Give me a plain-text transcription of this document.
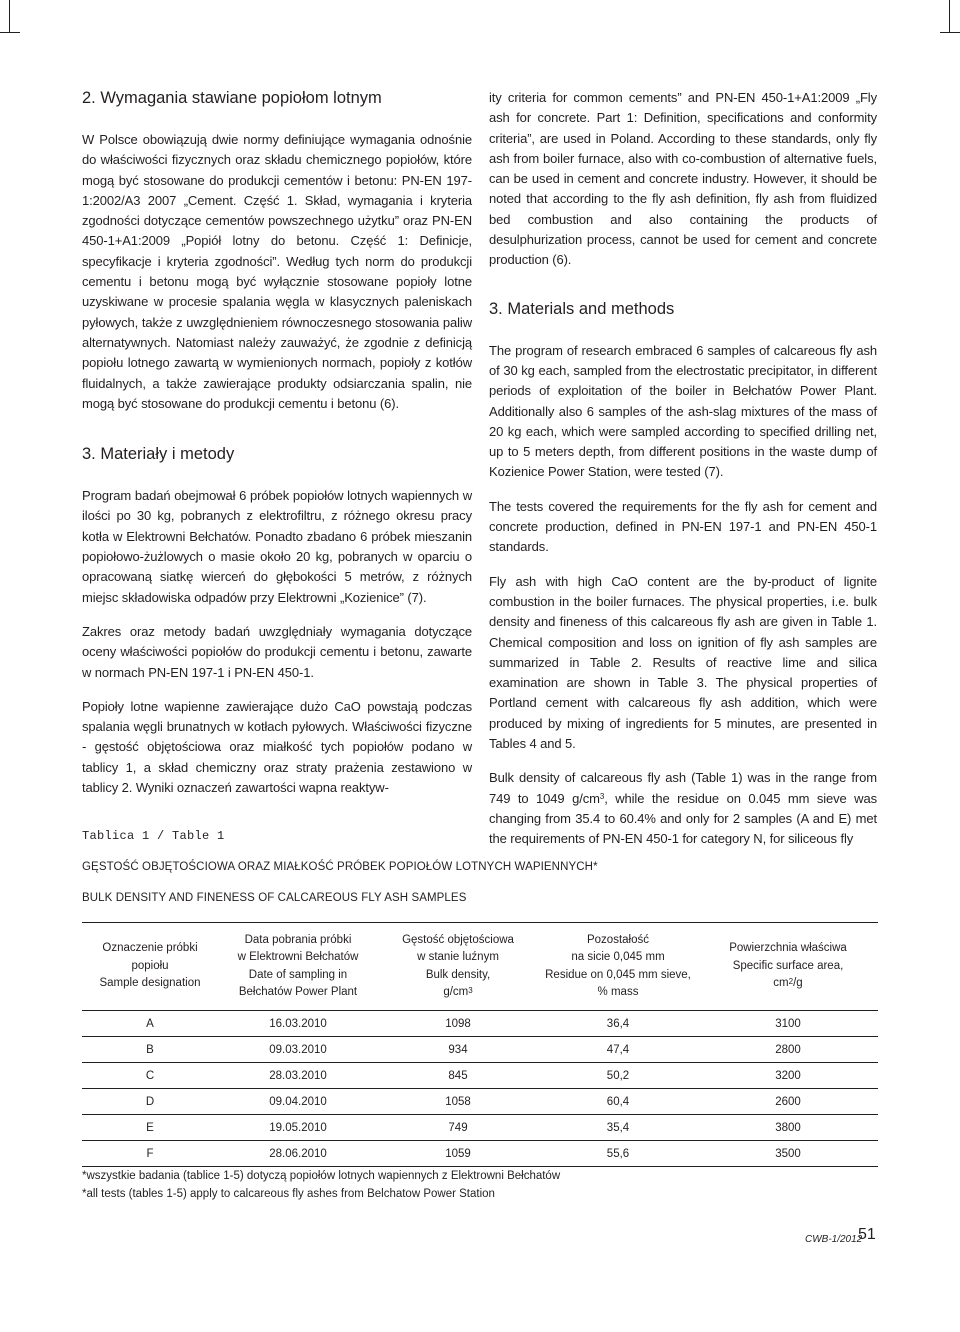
2. Wymagania stawiane popiołom lotnym

W Polsce obowiązują dwie normy definiujące wymagania odnośnie do właściwości fizycznych oraz składu chemicznego popiołów, które mogą być stosowane do produkcji cementów i betonu: PN-EN 197-1:2002/A3 2007 „Cement. Część 1. Skład, wymagania i kryteria zgodności dotyczące cementów powszechnego użytku” oraz PN-EN 450-1+A1:2009 „Popiół lotny do betonu. Część 1: Definicje, specyfikacje i kryteria zgodności”. Według tych norm do produkcji cementu i betonu mogą być wyłącznie stosowane popioły lotne uzyskiwane w procesie spalania węgla w klasycznych paleniskach pyłowych, także z uwzględnieniem równoczesnego stosowania paliw alternatywnych. Natomiast należy zauważyć, że zgodnie z definicją popiołu lotnego zawartą w wymienionych normach, popioły z kotłów fluidalnych, a także zawierające produkty odsiarczania spalin, nie mogą być stosowane do produkcji cementu i betonu (6).

3. Materiały i metody

Program badań obejmował 6 próbek popiołów lotnych wapiennych w ilości po 30 kg, pobranych z elektrofiltru, z różnego okresu pracy kotła w Elektrowni Bełchatów. Ponadto zbadano 6 próbek mieszanin popiołowo-żużlowych o masie około 20 kg, pobranych w oparciu o opracowaną siatkę wierceń do głębokości 5 metrów, z różnych miejsc składowiska odpadów przy Elektrowni „Kozienice” (7).

Zakres oraz metody badań uwzględniały wymagania dotyczące oceny właściwości popiołów do produkcji cementu i betonu, zawarte w normach PN-EN 197-1 i PN-EN 450-1.

Popioły lotne wapienne zawierające dużo CaO powstają podczas spalania węgli brunatnych w kotłach pyłowych. Właściwości fizyczne - gęstość objętościowa oraz miałkość tych popiołów podano w tablicy 1, a skład chemiczny oraz straty prażenia zestawiono w tablicy 2. Wyniki oznaczeń zawartości wapna reaktyw-

ity criteria for common cements” and PN-EN 450-1+A1:2009 „Fly ash for concrete. Part 1: Definition, specifications and conformity criteria”, are used in Poland. According to these standards, only fly ash from boiler furnace, also with co-combustion of alternative fuels, can be used in cement and concrete industry. However, it should be noted that according to the fly ash definition, fly ash from fluidized bed combustion and also containing the products of desulphurization process, cannot be used for cement and concrete production (6).

3. Materials and methods

The program of research embraced 6 samples of calcareous fly ash of 30 kg each, sampled from the electrostatic precipitator, in different periods of exploitation of the boiler in Bełchatów Power Plant. Additionally also 6 samples of the ash-slag mixtures of the mass of 20 kg each, which were sampled according to specified drilling net, up to 5 meters depth, from different positions in the waste dump of Kozienice Power Station, were tested (7).

The tests covered the requirements for the fly ash for cement and concrete production, defined in PN-EN 197-1 and PN-EN 450-1 standards.

Fly ash with high CaO content are the by-product of lignite combustion in the boiler furnaces. The physical properties, i.e. bulk density and fineness of this calcareous fly ash are given in Table 1. Chemical composition and loss on ignition of fly ash samples are summarized in Table 2. Results of reactive lime and silica examination are shown in Table 3. The physical properties of Portland cement with calcareous fly ash addition, which were produced by mixing of ingredients for 5 minutes, are presented in Tables 4 and 5.

Bulk density of calcareous fly ash (Table 1) was in the range from 749 to 1049 $g/cm^3$, while the residue on 0.045 mm sieve was changing from 35.4 to 60.4% and only for 2 samples (A and E) met the requirements of PN-EN 450-1 for category N, for siliceous fly

Tablica 1 / Table 1
GĘSTOŚĆ OBJĘTOŚCIOWA ORAZ MIAŁKOŚĆ PRÓBEK POPIOŁÓW LOTNYCH WAPIENNYCH*
BULK DENSITY AND FINENESS OF CALCAREOUS FLY ASH SAMPLES
Oznaczenie próbki
popiołu
Sample designation	Data pobrania próbki
w Elektrowni Bełchatów
Date of sampling in
Bełchatów Power Plant	Gęstość objętościowa
w stanie luźnym
Bulk density,
$g/cm^3$	Pozostałość
na sicie 0,045 mm
Residue on 0,045 mm sieve,
% mass	Powierzchnia właściwa
Specific surface area,
$cm^2/g$

A	16.03.2010	1098	36,4	3100
B	09.03.2010	934	47,4	2800
C	28.03.2010	845	50,2	3200
D	09.04.2010	1058	60,4	2600
E	19.05.2010	749	35,4	3800
F	28.06.2010	1059	55,6	3500
*wszystkie badania (tablice 1-5) dotyczą popiołów lotnych wapiennych z Elektrowni Bełchatów
*all tests (tables 1-5) apply to calcareous fly ashes from Belchatow Power Station
CWB-1/2012
51
